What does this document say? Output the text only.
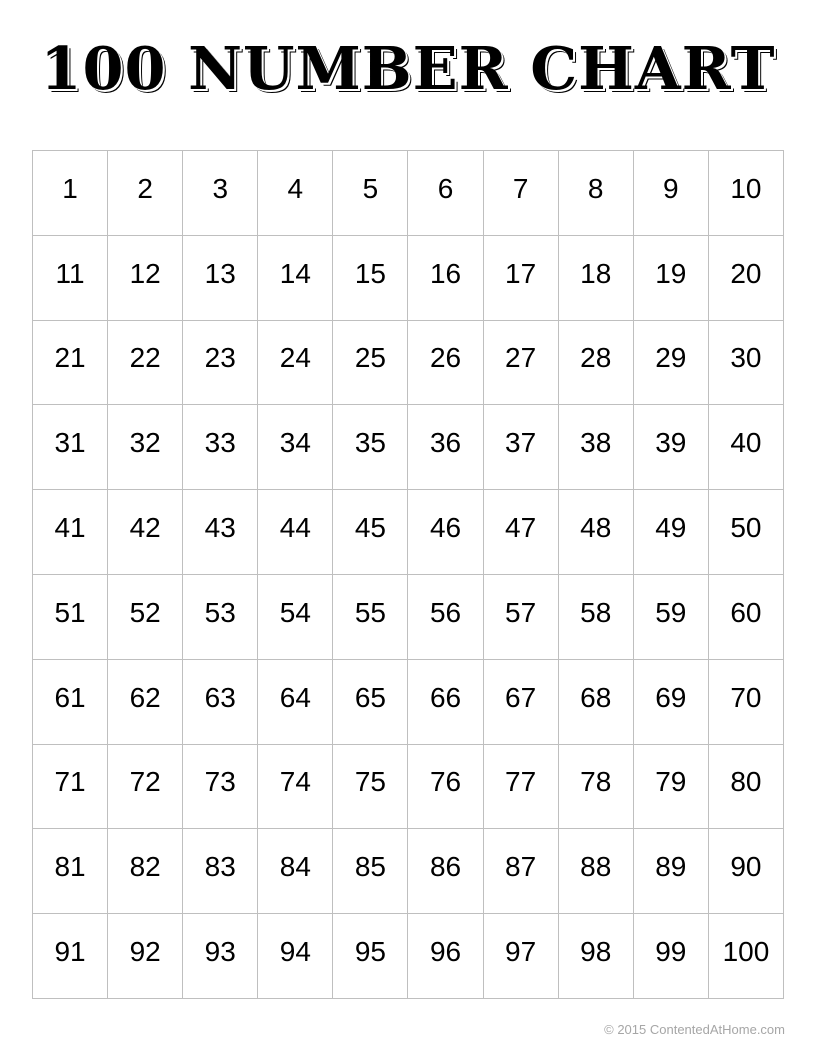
100 NUMBER CHART
1	2	3	4	5	6	7	8	9	10
11	12	13	14	15	16	17	18	19	20
21	22	23	24	25	26	27	28	29	30
31	32	33	34	35	36	37	38	39	40
41	42	43	44	45	46	47	48	49	50
51	52	53	54	55	56	57	58	59	60
61	62	63	64	65	66	67	68	69	70
71	72	73	74	75	76	77	78	79	80
81	82	83	84	85	86	87	88	89	90
91	92	93	94	95	96	97	98	99	100
© 2015 ContentedAtHome.com
